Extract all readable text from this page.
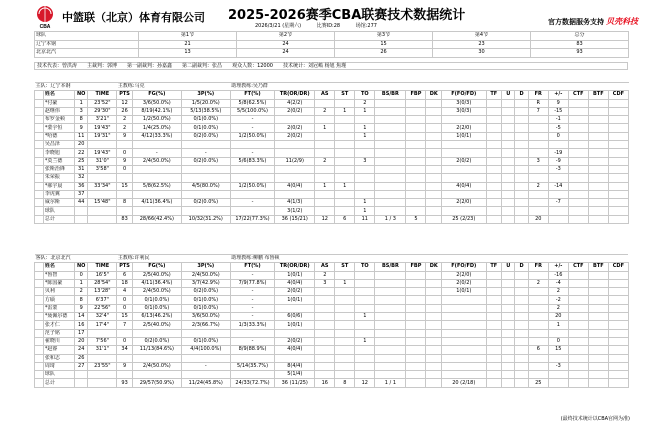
CBA
中篮联（北京）体育有限公司 2025-2026赛季CBA联赛技术数据统计
2026/3/21 (星期六)	比赛ID:28	场馆:277	官方数据服务支持 贝壳科技
球队	第1节	第2节	第3节	第4节	总分
辽宁本钢	21	24	15	23	83
北京北汽	13	24	26	30	93
技术代表：曾洪涛 主裁判：郭博 第一副裁判：孙嘉鑫 第二副裁判：张昌 观众人数：12000 技术统计：刘冠嶋 杨旭 焦瑾
主队：辽宁本钢				主教练:马克			助理教练:吴乃群																
	姓名	NO	TIME	PTS	FG(%)	3P(%)	FT(%)	TR(OR/DR)	AS	ST	TO	BS/BR	FBP	DK	F(FO/FD)	TF	U	D	FR	+/-	CTF	BTF	CDF
	*付豪	1	23'52"	12	3/6(50.0%)	1/5(20.0%)	5/8(62.5%)	4(2/2)			2				3(0/3)				R	9			
	赵继伟	3	29'30"	26	8/19(42.1%)	5/13(38.5%)	5/5(100.0%)	2(0/2)	2	1	1				3(0/3)				7	-15			
	布罗金顿	8	3'21"	2	1/2(50.0%)	0/1(0.0%)	-													-1			
	*蒙宇恒	9	19'43"	2	1/4(25.0%)	0/1(0.0%)	-	2(0/2)	1		1				2(2/0)					-5			
	*哈德	11	19'31"	9	4/12(33.3%)	0/2(0.0%)	1/2(50.0%)	2(0/2)			1				1(0/1)					0			
	吴昌泽	20																					
	李晓旭	22	19'43"	0	-	-	-													-19			
	*莫兰德	25	31'0"	9	2/4(50.0%)	0/2(0.0%)	5/6(83.3%)	11(2/9)	2		3				2(0/2)				3	-9			
	张斯治锋	31	3'58"	0																-3			
	朱荣振	32																					
	*郝宇晨	36	33'34"	15	5/8(62.5%)	4/5(80.0%)	1/2(50.0%)	4(0/4)	1	1					4(0/4)				2	-14			
	李虎翼	37																					
	威尔斯	44	15'48"	8	4/11(36.4%)	0/2(0.0%)	-	4(1/3)			1				2(2/0)					-7			
	球队							3(1/2)			1												
	总计			83	28/66(42.4%)	10/32(31.2%)	17/22(77.3%)	36 (15/21)	12	6	11	1 / 3	5		25 (2/23)				20				
客队：北京北汽				主教练:许利民			助理教练:柳鹏 布鲁顿																
	姓名	NO	TIME	PTS	FG(%)	3P(%)	FT(%)	TR(OR/DR)	AS	ST	TO	BS/BR	FBP	DK	F(FO/FD)	TF	U	D	FR	+/-	CTF	BTF	CDF
	*鲁智	0	16'5"	6	2/5(40.0%)	2/4(50.0%)	-	1(0/1)	2						2(2/0)					-16			
	*陈国豪	1	28'54"	18	4/11(36.4%)	3/7(42.9%)	7/9(77.8%)	4(0/4)	3	1					2(0/2)				2	-4			
	贝利	2	13'28"	4	2/4(50.0%)	0/2(0.0%)	-	2(0/2)							1(0/1)					2			
	方硕	8	6'37"	0	0/1(0.0%)	0/1(0.0%)	-	1(0/1)												-2			
	*雷蒙	9	22'56"	0	0/1(0.0%)	0/1(0.0%)	-													2			
	*聂佩尔德	14	32'4"	15	6/13(46.2%)	3/6(50.0%)	-	6(0/6)			1									20			
	张才仁	16	17'4"	7	2/5(40.0%)	2/3(66.7%)	1/3(33.3%)	1(0/1)												1			
	范子铭	17																					
	翟晓川	20	7'56"	0	0/2(0.0%)	0/1(0.0%)	-	2(0/2)			1									0			
	*赵睿	24	31'1"	34	11/13(84.6%)	4/4(100.0%)	8/9(88.9%)	4(0/4)											6	15			
	张和志	26																					
	周琦	27	23'55"	9	2/4(50.0%)	-	5/14(35.7%)	8(4/4)												-3			
	球队							5(1/4)															
	总计			93	29/57(50.9%)	11/24(45.8%)	24/33(72.7%)	36 (11/25)	16	8	12	1 / 1			20 (2/18)				25				
(最终技术统计以CBA官网为准)
